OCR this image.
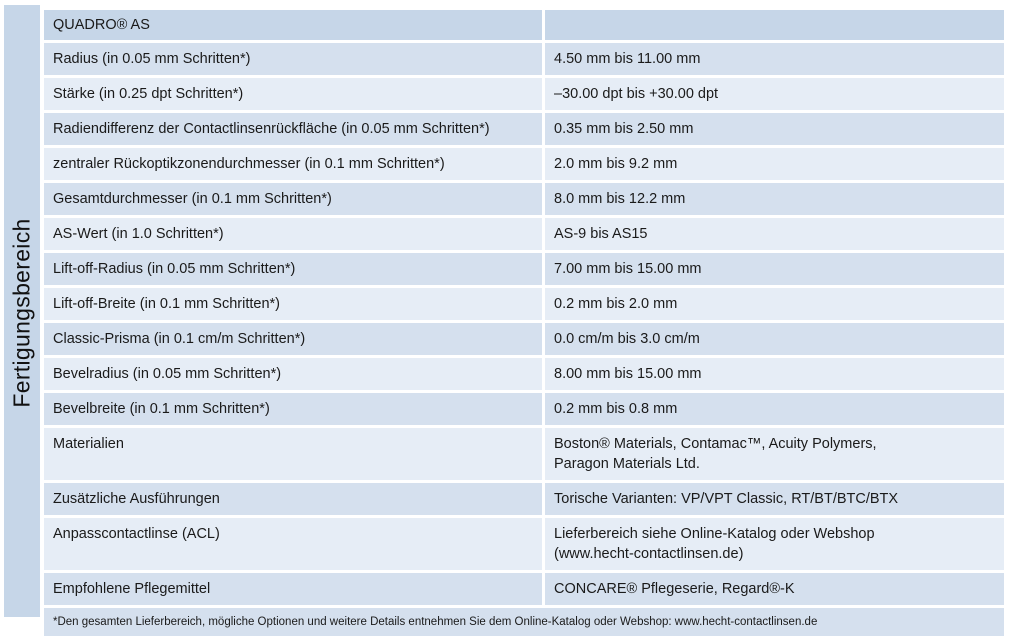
Fertigungsbereich
QUADRO® AS	
Radius (in 0.05 mm Schritten*)	4.50 mm bis 11.00 mm

Stärke (in 0.25 dpt Schritten*)	–30.00 dpt bis +30.00 dpt

Radiendifferenz der Contactlinsenrückfläche (in 0.05 mm Schritten*)	0.35 mm bis 2.50 mm

zentraler Rückoptikzonendurchmesser (in 0.1 mm Schritten*)	2.0 mm bis 9.2 mm

Gesamtdurchmesser (in 0.1 mm Schritten*)	8.0 mm bis 12.2 mm

AS-Wert (in 1.0 Schritten*)	AS-9 bis AS15

Lift-off-Radius (in 0.05 mm Schritten*)	7.00 mm bis 15.00 mm

Lift-off-Breite (in 0.1 mm Schritten*)	0.2 mm bis 2.0 mm

Classic-Prisma (in 0.1 cm/m Schritten*)	0.0 cm/m bis 3.0 cm/m

Bevelradius (in 0.05 mm Schritten*)	8.00 mm bis 15.00 mm

Bevelbreite (in 0.1 mm Schritten*)	0.2 mm bis 0.8 mm

Materialien	Boston® Materials, Contamac™, Acuity Polymers,
Paragon Materials Ltd.

Zusätzliche Ausführungen	Torische Varianten: VP/VPT Classic, RT/BT/BTC/BTX

Anpasscontactlinse (ACL)	Lieferbereich siehe Online-Katalog oder Webshop
(www.hecht-contactlinsen.de)

Empfohlene Pflegemittel	CONCARE® Pflegeserie, Regard®-K

*Den gesamten Lieferbereich, mögliche Optionen und weitere Details entnehmen Sie dem Online-Katalog oder Webshop: www.hecht-contactlinsen.de	
